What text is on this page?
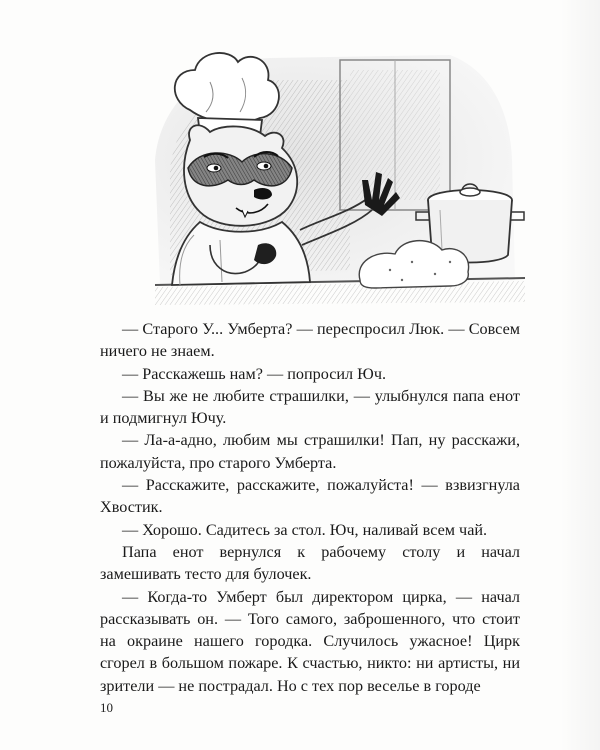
— Старого У... Умберта? — переспросил Люк. — Совсем ничего не знаем.

— Расскажешь нам? — попросил Юч.

— Вы же не любите страшилки, — улыбнулся папа енот и подмигнул Ючу.

— Ла-а-адно, любим мы страшилки! Пап, ну расскажи, пожалуйста, про старого Умберта.

— Расскажите, расскажите, пожалуйста! — взвизгнула Хвостик.

— Хорошо. Садитесь за стол. Юч, наливай всем чай.

Папа енот вернулся к рабочему столу и начал замешивать тесто для булочек.

— Когда-то Умберт был директором цирка, — начал рассказывать он. — Того самого, заброшенного, что стоит на окраине нашего городка. Случилось ужасное! Цирк сгорел в большом пожаре. К счастью, никто: ни артисты, ни зрители — не пострадал. Но с тех пор веселье в городе

10
